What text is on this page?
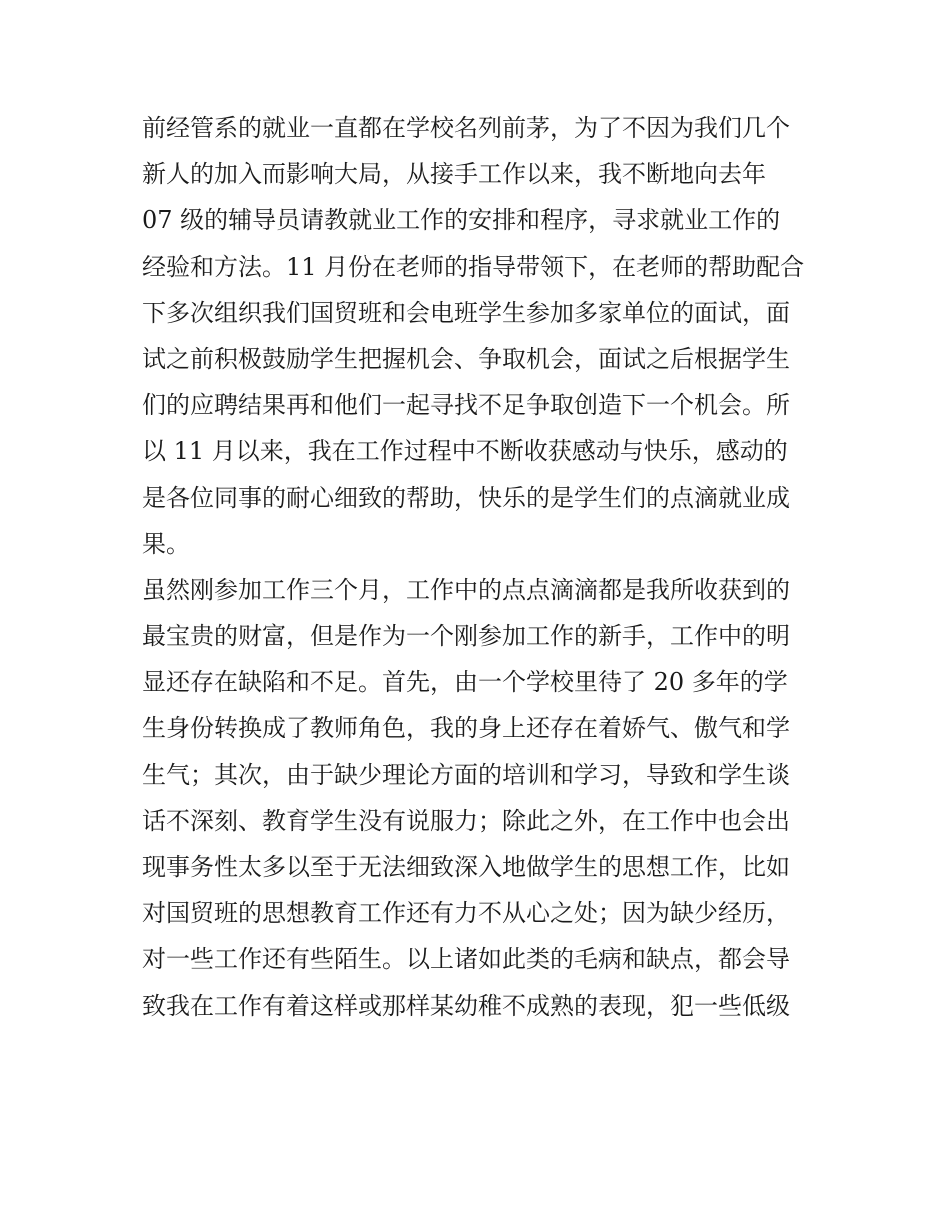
前经管系的就业一直都在学校名列前茅，为了不因为我们几个
新人的加入而影响大局，从接手工作以来，我不断地向去年
07 级的辅导员请教就业工作的安排和程序，寻求就业工作的
经验和方法。11 月份在老师的指导带领下，在老师的帮助配合
下多次组织我们国贸班和会电班学生参加多家单位的面试，面
试之前积极鼓励学生把握机会、争取机会，面试之后根据学生
们的应聘结果再和他们一起寻找不足争取创造下一个机会。所
以 11 月以来，我在工作过程中不断收获感动与快乐，感动的
是各位同事的耐心细致的帮助，快乐的是学生们的点滴就业成
果。
虽然刚参加工作三个月，工作中的点点滴滴都是我所收获到的
最宝贵的财富，但是作为一个刚参加工作的新手，工作中的明
显还存在缺陷和不足。首先，由一个学校里待了 20 多年的学
生身份转换成了教师角色，我的身上还存在着娇气、傲气和学
生气；其次，由于缺少理论方面的培训和学习，导致和学生谈
话不深刻、教育学生没有说服力；除此之外，在工作中也会出
现事务性太多以至于无法细致深入地做学生的思想工作，比如
对国贸班的思想教育工作还有力不从心之处；因为缺少经历，
对一些工作还有些陌生。以上诸如此类的毛病和缺点，都会导
致我在工作有着这样或那样某幼稚不成熟的表现，犯一些低级
